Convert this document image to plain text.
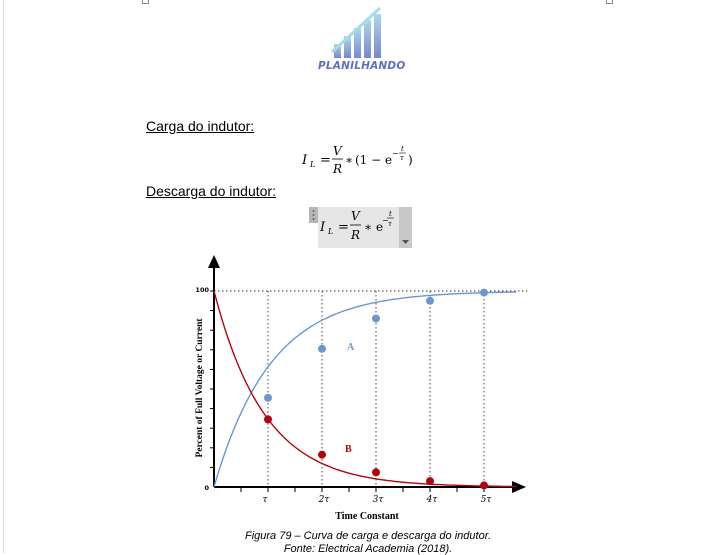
PLANILHANDO
Carga do indutor:
Descarga do indutor:
I L =
V
R
∗ (1 − e − t
τ )
I L =
V
R
∗ e
−
t
τ
100
0
τ	2τ	3τ	4τ	5τ
Time Constant
Percent of Full Voltage or Current	A
B
Figura 79 – Curva de carga e descarga do indutor.
Fonte: Electrical Academia (2018).
